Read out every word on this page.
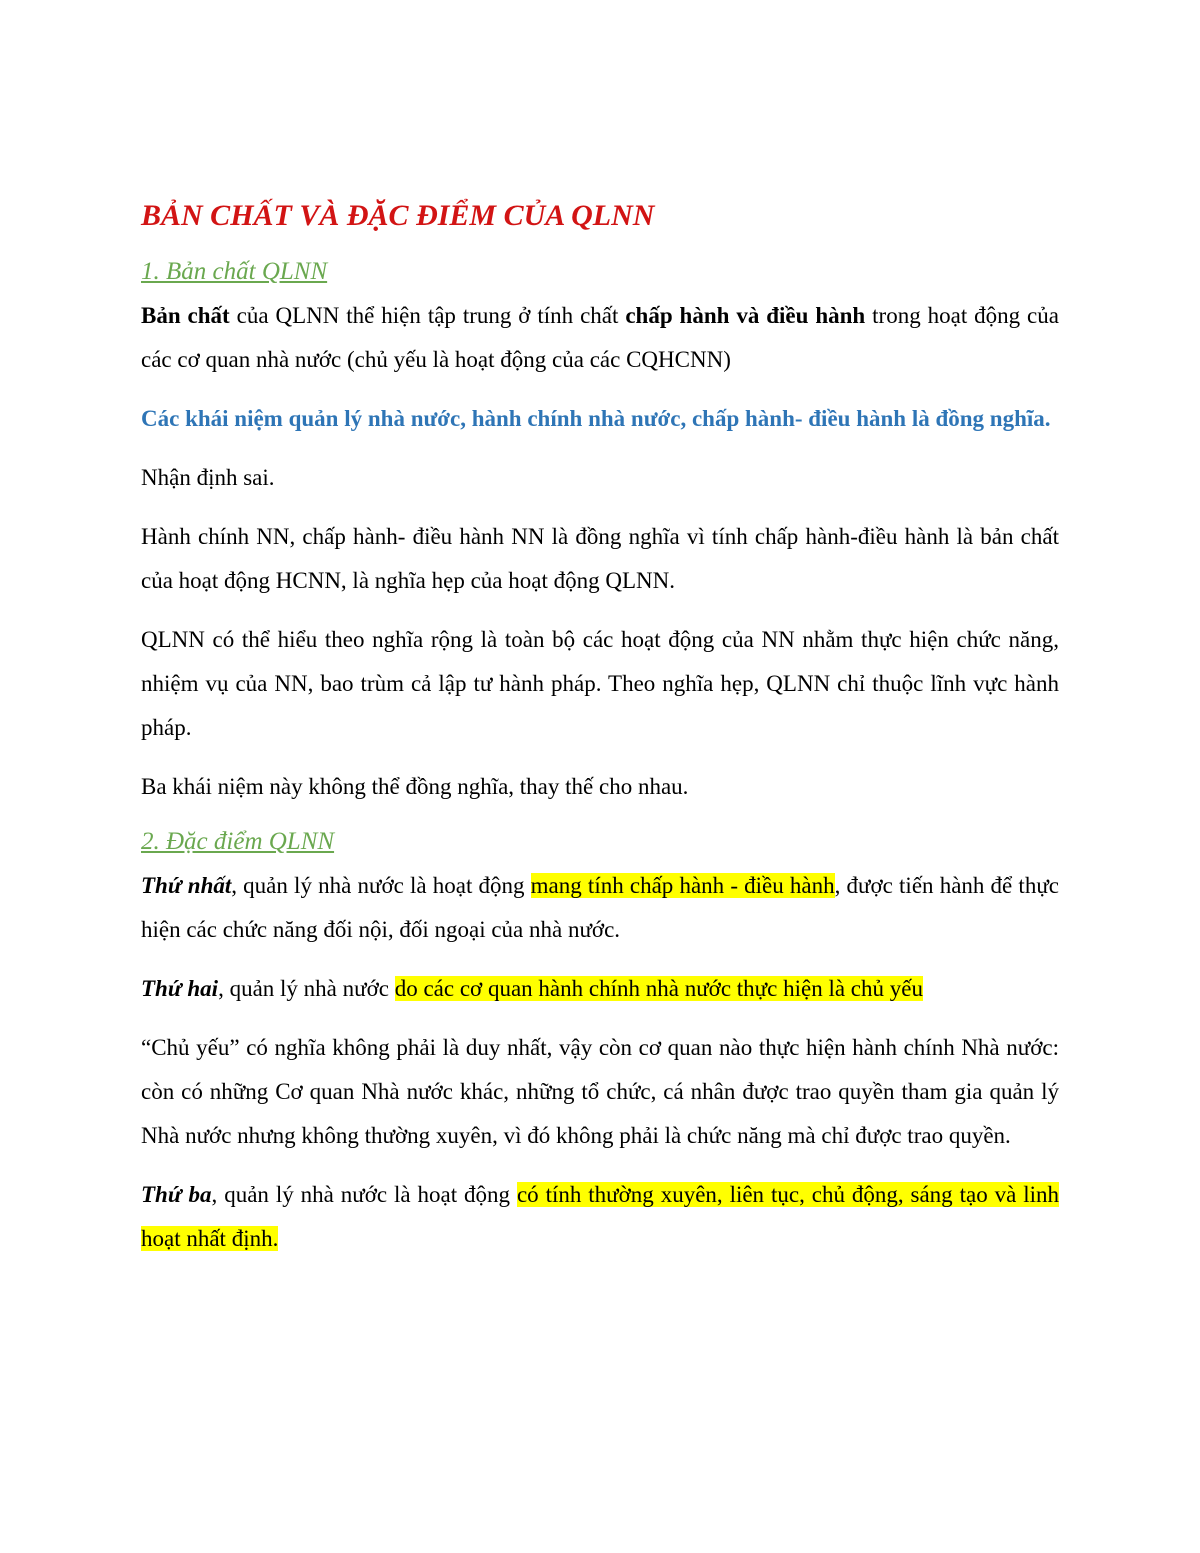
BẢN CHẤT VÀ ĐẶC ĐIỂM CỦA QLNN
1. Bản chất QLNN

Bản chất của QLNN thể hiện tập trung ở tính chất chấp hành và điều hành trong hoạt động của các cơ quan nhà nước (chủ yếu là hoạt động của các CQHCNN)

Các khái niệm quản lý nhà nước, hành chính nhà nước, chấp hành- điều hành là đồng nghĩa.

Nhận định sai.

Hành chính NN, chấp hành- điều hành NN là đồng nghĩa vì tính chấp hành-điều hành là bản chất của hoạt động HCNN, là nghĩa hẹp của hoạt động QLNN.

QLNN có thể hiểu theo nghĩa rộng là toàn bộ các hoạt động của NN nhằm thực hiện chức năng, nhiệm vụ của NN, bao trùm cả lập tư hành pháp. Theo nghĩa hẹp, QLNN chỉ thuộc lĩnh vực hành pháp.

Ba khái niệm này không thể đồng nghĩa, thay thế cho nhau.

2. Đặc điểm QLNN

Thứ nhất, quản lý nhà nước là hoạt động mang tính chấp hành - điều hành, được tiến hành để thực hiện các chức năng đối nội, đối ngoại của nhà nước.

Thứ hai, quản lý nhà nước do các cơ quan hành chính nhà nước thực hiện là chủ yếu

“Chủ yếu” có nghĩa không phải là duy nhất, vậy còn cơ quan nào thực hiện hành chính Nhà nước: còn có những Cơ quan Nhà nước khác, những tổ chức, cá nhân được trao quyền tham gia quản lý Nhà nước nhưng không thường xuyên, vì đó không phải là chức năng mà chỉ được trao quyền.

Thứ ba, quản lý nhà nước là hoạt động có tính thường xuyên, liên tục, chủ động, sáng tạo và linh hoạt nhất định.
